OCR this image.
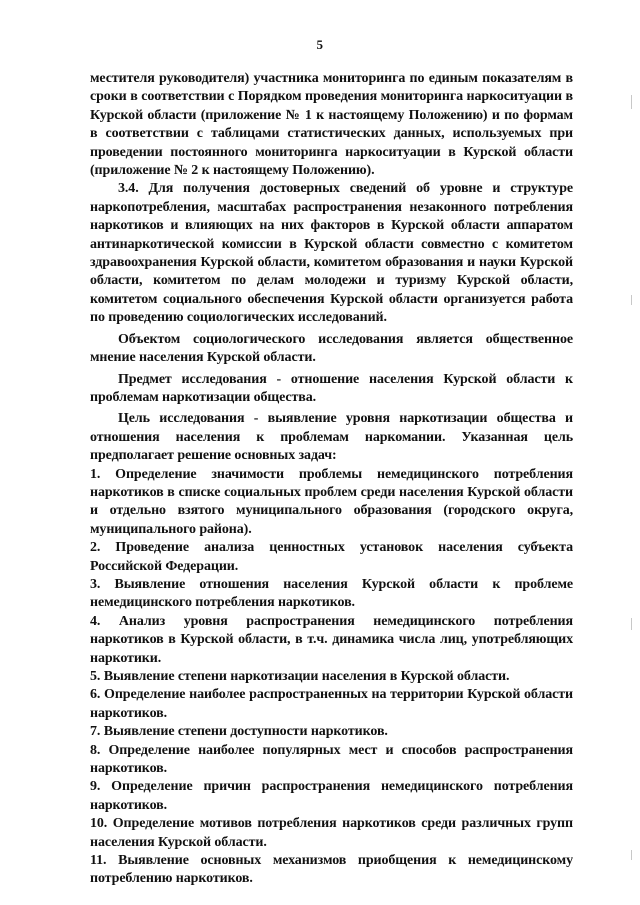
5

местителя руководителя) участника мониторинга по единым показателям в сроки в соответствии с Порядком проведения мониторинга наркоситуации в Курской области (приложение № 1 к настоящему Положению) и по формам в соответствии с таблицами статистических данных, используемых при проведении постоянного мониторинга наркоситуации в Курской области (приложение № 2 к настоящему Положению).

3.4. Для получения достоверных сведений об уровне и структуре наркопотребления, масштабах распространения незаконного потребления наркотиков и влияющих на них факторов в Курской области аппаратом антинаркотической комиссии в Курской области совместно с комитетом здравоохранения Курской области, комитетом образования и науки Курской области, комитетом по делам молодежи и туризму Курской области, комитетом социального обеспечения Курской области организуется работа по проведению социологических исследований.

Объектом социологического исследования является общественное мнение населения Курской области.

Предмет исследования - отношение населения Курской области к проблемам наркотизации общества.

Цель исследования - выявление уровня наркотизации общества и отношения населения к проблемам наркомании. Указанная цель предполагает решение основных задач:

1. Определение значимости проблемы немедицинского потребления наркотиков в списке социальных проблем среди населения Курской области и отдельно взятого муниципального образования (городского округа, муниципального района).

2. Проведение анализа ценностных установок населения субъекта Российской Федерации.

3. Выявление отношения населения Курской области к проблеме немедицинского потребления наркотиков.

4. Анализ уровня распространения немедицинского потребления наркотиков в Курской области, в т.ч. динамика числа лиц, употребляющих наркотики.

5. Выявление степени наркотизации населения в Курской области.

6. Определение наиболее распространенных на территории Курской области наркотиков.

7. Выявление степени доступности наркотиков.

8. Определение наиболее популярных мест и способов распространения наркотиков.

9. Определение причин распространения немедицинского потребления наркотиков.

10. Определение мотивов потребления наркотиков среди различных групп населения Курской области.

11. Выявление основных механизмов приобщения к немедицинскому потреблению наркотиков.
